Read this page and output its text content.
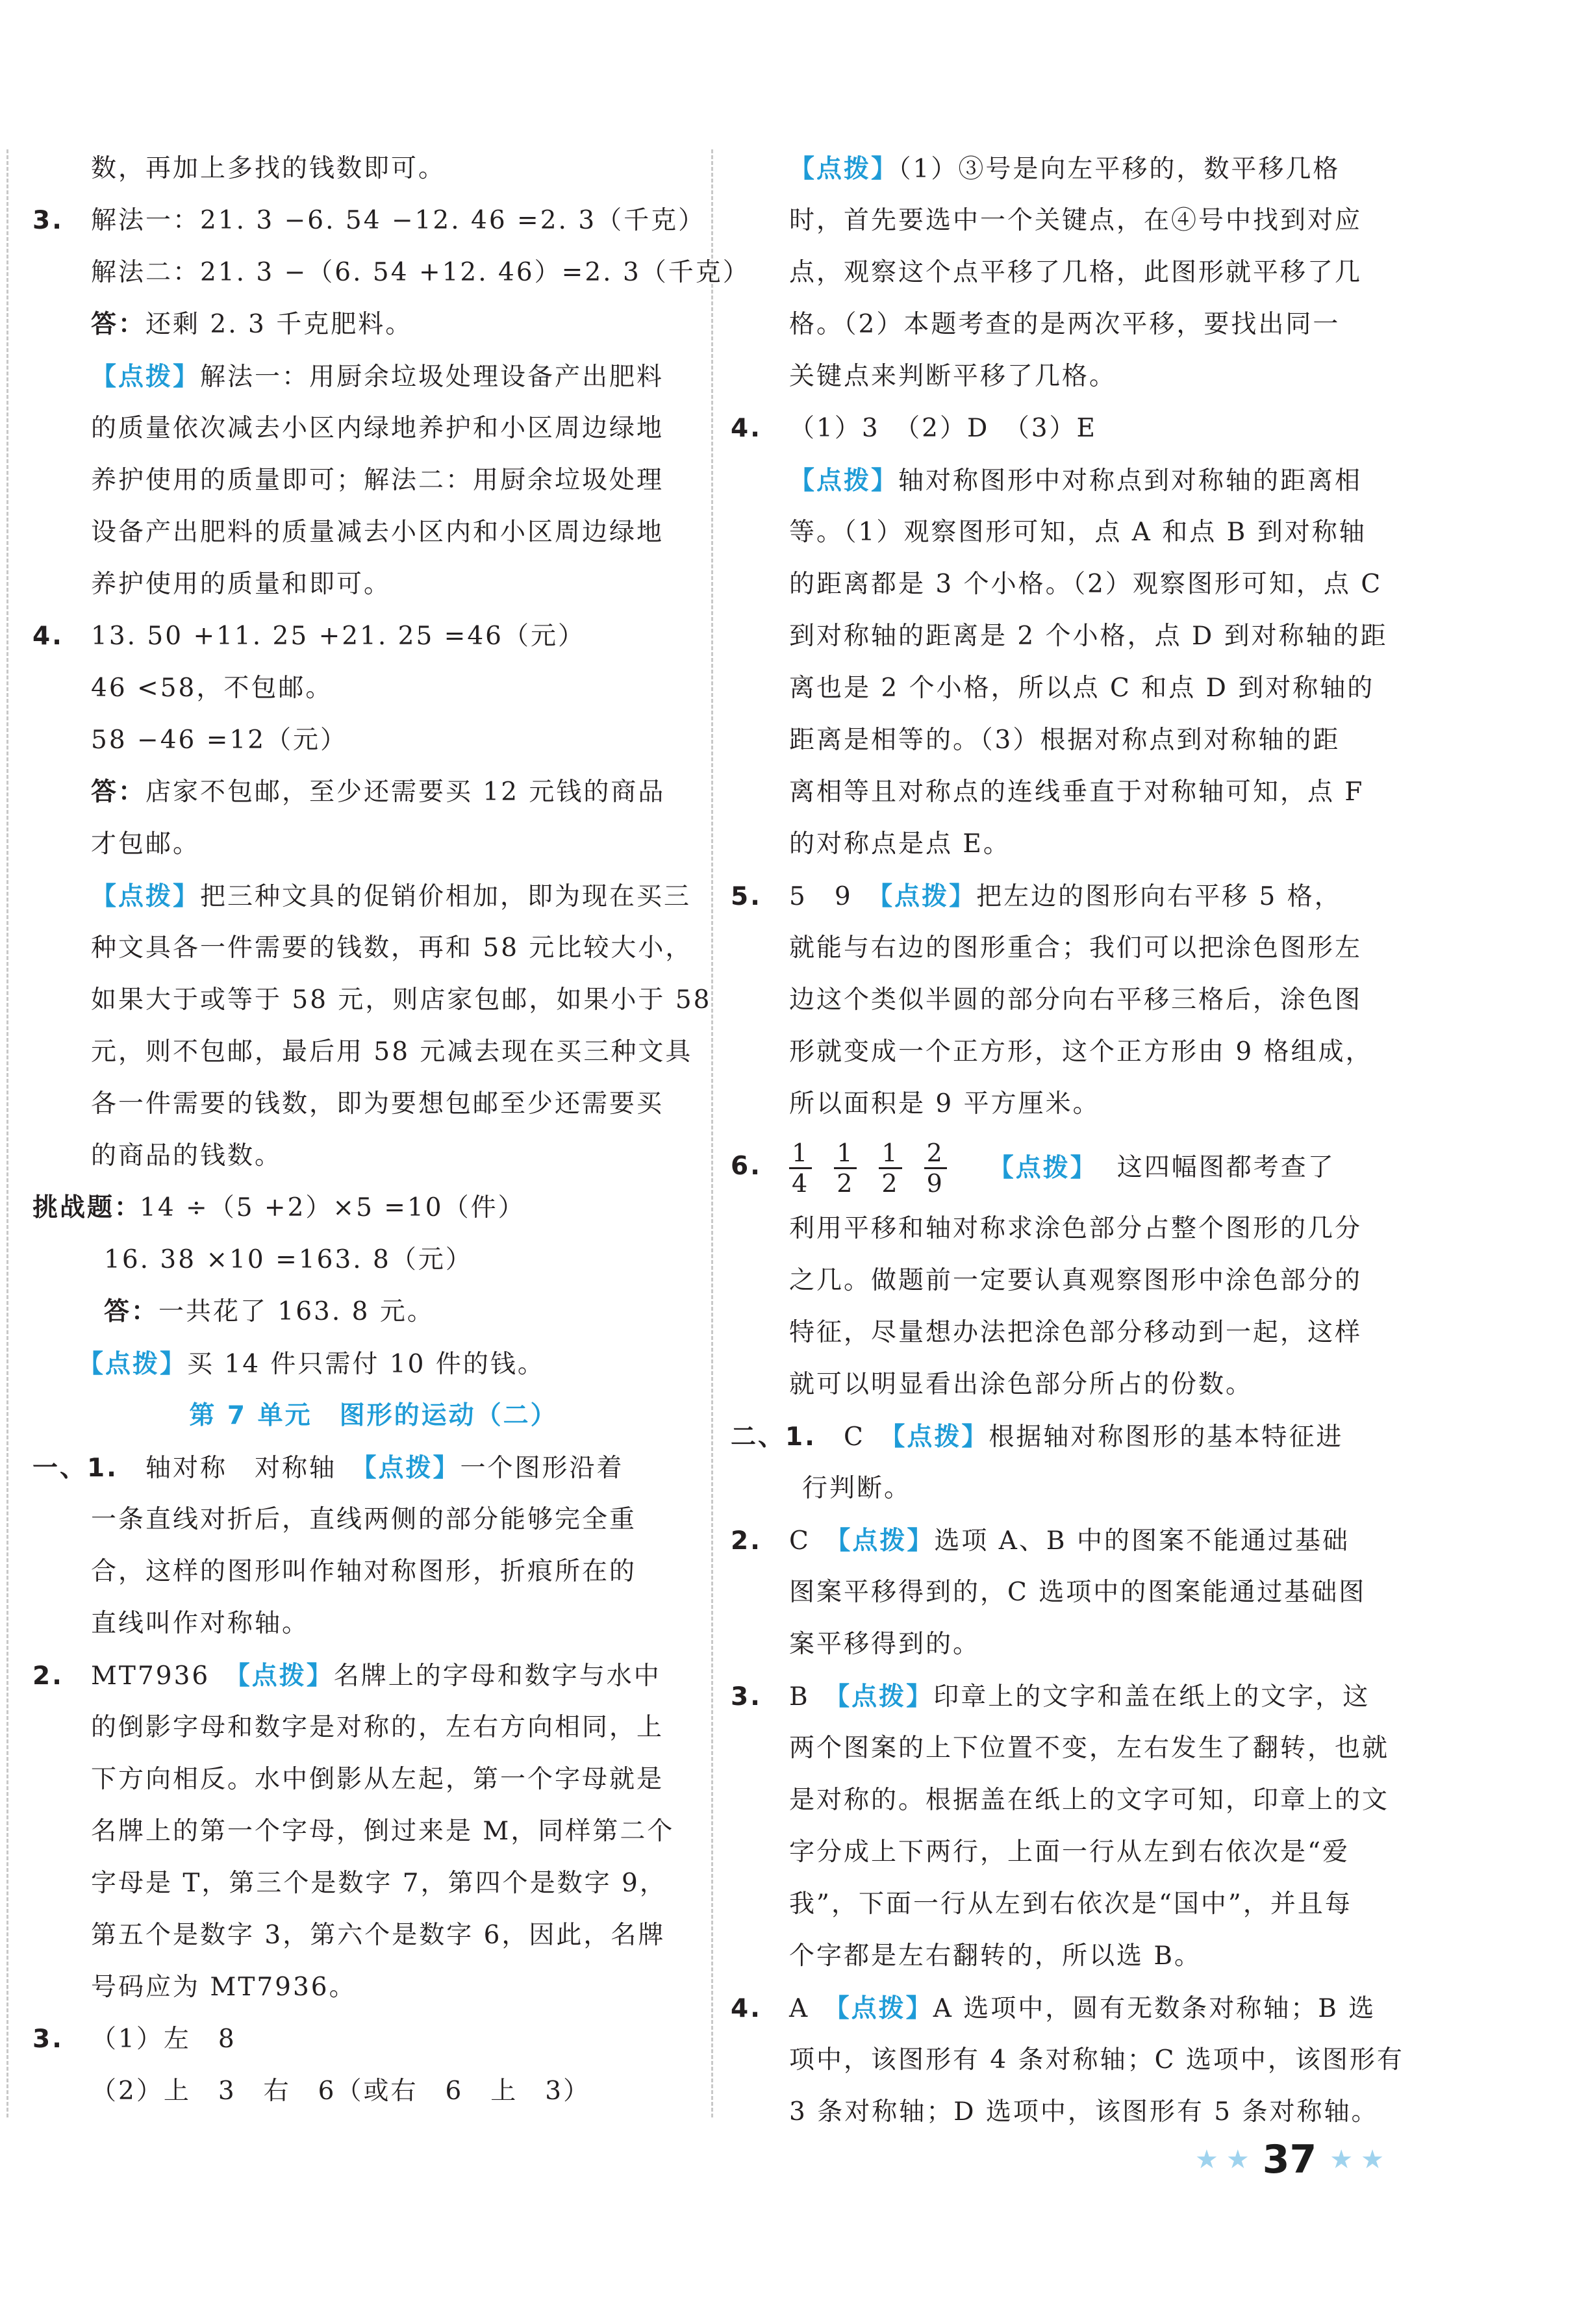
数，再加上多找的钱数即可。
3. 解法一：21. 3 −6. 54 −12. 46 =2. 3（千克）
解法二：21. 3 −（6. 54 +12. 46）=2. 3（千克）
答：还剩 2. 3 千克肥料。
【点拨】解法一：用厨余垃圾处理设备产出肥料
的质量依次减去小区内绿地养护和小区周边绿地
养护使用的质量即可；解法二：用厨余垃圾处理
设备产出肥料的质量减去小区内和小区周边绿地
养护使用的质量和即可。
4. 13. 50 +11. 25 +21. 25 =46（元）
46 <58，不包邮。
58 −46 =12（元）
答：店家不包邮，至少还需要买 12 元钱的商品
才包邮。
【点拨】把三种文具的促销价相加，即为现在买三
种文具各一件需要的钱数，再和 58 元比较大小，
如果大于或等于 58 元，则店家包邮，如果小于 58
元，则不包邮，最后用 58 元减去现在买三种文具
各一件需要的钱数，即为要想包邮至少还需要买
的商品的钱数。
挑战题：14 ÷（5 +2）×5 =10（件）
16. 38 ×10 =163. 8（元）
答：一共花了 163. 8 元。
【点拨】买 14 件只需付 10 件的钱。
第 7 单元　图形的运动（二）
一、1. 轴对称　对称轴　【点拨】一个图形沿着
一条直线对折后，直线两侧的部分能够完全重
合，这样的图形叫作轴对称图形，折痕所在的
直线叫作对称轴。
2. MT7936　【点拨】名牌上的字母和数字与水中
的倒影字母和数字是对称的，左右方向相同，上
下方向相反。水中倒影从左起，第一个字母就是
名牌上的第一个字母，倒过来是 M，同样第二个
字母是 T，第三个是数字 7，第四个是数字 9，
第五个是数字 3，第六个是数字 6，因此，名牌
号码应为 MT7936。
3. （1）左　8
（2）上　3　右　6（或右　6　上　3）
【点拨】（1）③号是向左平移的，数平移几格
时，首先要选中一个关键点，在④号中找到对应
点，观察这个点平移了几格，此图形就平移了几
格。（2）本题考查的是两次平移，要找出同一
关键点来判断平移了几格。
4. （1）3　（2）D　（3）E
【点拨】轴对称图形中对称点到对称轴的距离相
等。（1）观察图形可知，点 A 和点 B 到对称轴
的距离都是 3 个小格。（2）观察图形可知，点 C
到对称轴的距离是 2 个小格，点 D 到对称轴的距
离也是 2 个小格，所以点 C 和点 D 到对称轴的
距离是相等的。（3）根据对称点到对称轴的距
离相等且对称点的连线垂直于对称轴可知，点 F
的对称点是点 E。
5. 5　9　【点拨】把左边的图形向右平移 5 格，
就能与右边的图形重合；我们可以把涂色图形左
边这个类似半圆的部分向右平移三格后，涂色图
形就变成一个正方形，这个正方形由 9 格组成，
所以面积是 9 平方厘米。
6. $\frac{1}{4} \frac{1}{2} \frac{1}{2} \frac{2}{9}$ 【点拨】 这四幅图都考查了
利用平移和轴对称求涂色部分占整个图形的几分
之几。做题前一定要认真观察图形中涂色部分的
特征，尽量想办法把涂色部分移动到一起，这样
就可以明显看出涂色部分所占的份数。
二、1. C　【点拨】根据轴对称图形的基本特征进
行判断。
2. C　【点拨】选项 A、B 中的图案不能通过基础
图案平移得到的，C 选项中的图案能通过基础图
案平移得到的。
3. B　【点拨】印章上的文字和盖在纸上的文字，这
两个图案的上下位置不变，左右发生了翻转，也就
是对称的。根据盖在纸上的文字可知，印章上的文
字分成上下两行，上面一行从左到右依次是“爱
我”，下面一行从左到右依次是“国中”，并且每
个字都是左右翻转的，所以选 B。
4. A　【点拨】A 选项中，圆有无数条对称轴；B 选
项中，该图形有 4 条对称轴；C 选项中，该图形有
3 条对称轴；D 选项中，该图形有 5 条对称轴。
★ ★ 37 ★ ★
